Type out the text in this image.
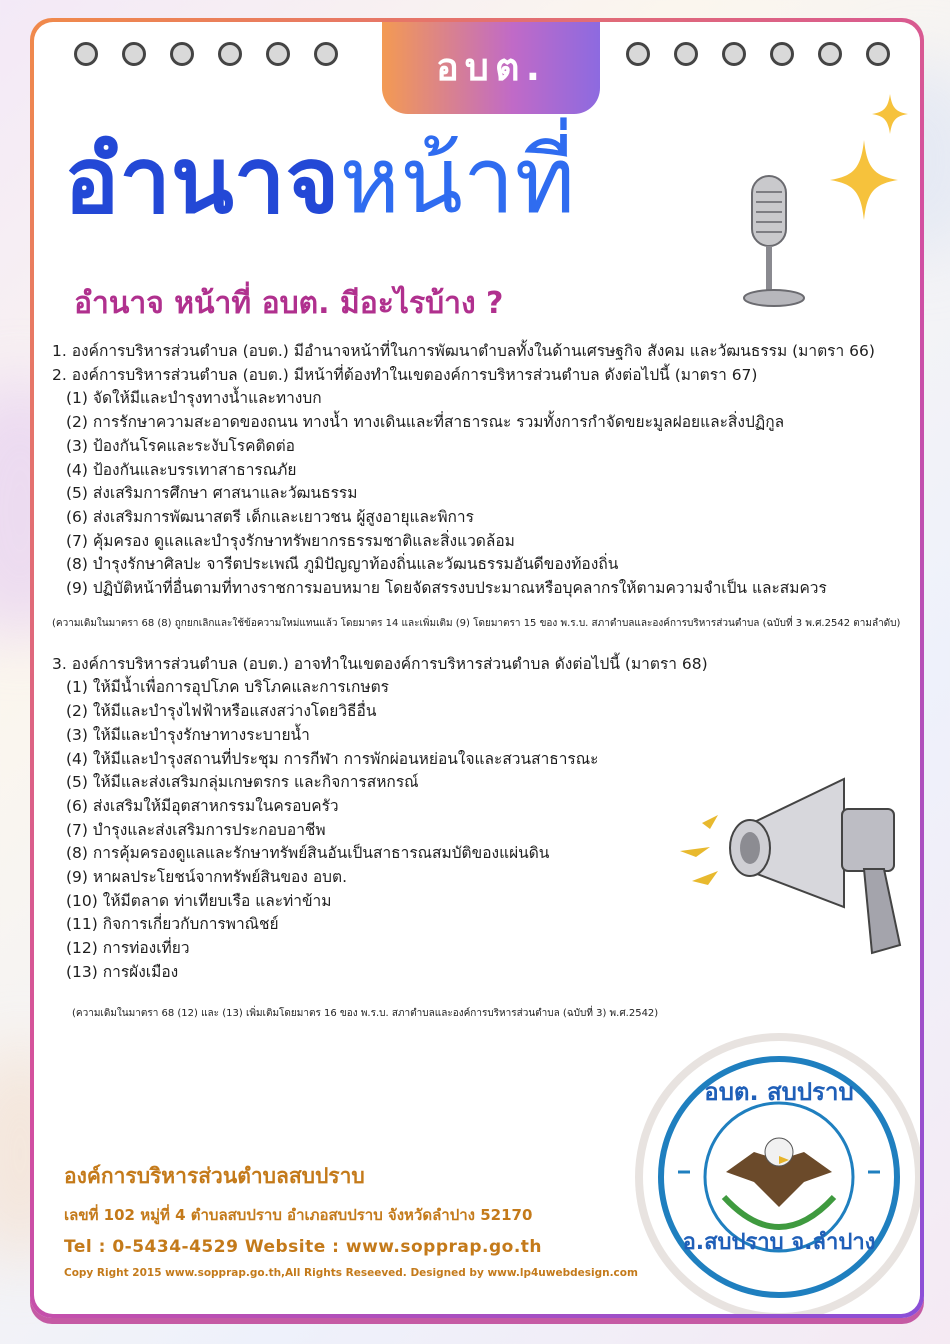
อบต.
อำนาจหน้าที่
อำนาจ หน้าที่ อบต. มีอะไรบ้าง ?
1. องค์การบริหารส่วนตำบล (อบต.) มีอำนาจหน้าที่ในการพัฒนาตำบลทั้งในด้านเศรษฐกิจ สังคม และวัฒนธรรม (มาตรา 66)
2. องค์การบริหารส่วนตำบล (อบต.) มีหน้าที่ต้องทำในเขตองค์การบริหารส่วนตำบล ดังต่อไปนี้ (มาตรา 67)
(1) จัดให้มีและบำรุงทางน้ำและทางบก
(2) การรักษาความสะอาดของถนน ทางน้ำ ทางเดินและที่สาธารณะ รวมทั้งการกำจัดขยะมูลฝอยและสิ่งปฏิกูล
(3) ป้องกันโรคและระงับโรคติดต่อ
(4) ป้องกันและบรรเทาสาธารณภัย
(5) ส่งเสริมการศึกษา ศาสนาและวัฒนธรรม
(6) ส่งเสริมการพัฒนาสตรี เด็กและเยาวชน ผู้สูงอายุและพิการ
(7) คุ้มครอง ดูแลและบำรุงรักษาทรัพยากรธรรมชาติและสิ่งแวดล้อม
(8) บำรุงรักษาศิลปะ จารีตประเพณี ภูมิปัญญาท้องถิ่นและวัฒนธรรมอันดีของท้องถิ่น
(9) ปฏิบัติหน้าที่อื่นตามที่ทางราชการมอบหมาย โดยจัดสรรงบประมาณหรือบุคลากรให้ตามความจำเป็น และสมควร
(ความเดิมในมาตรา 68 (8) ถูกยกเลิกและใช้ข้อความใหม่แทนแล้ว โดยมาตร 14 และเพิ่มเติม (9) โดยมาตรา 15 ของ พ.ร.บ. สภาตำบลและองค์การบริหารส่วนตำบล (ฉบับที่ 3 พ.ศ.2542 ตามลำดับ)
3. องค์การบริหารส่วนตำบล (อบต.) อาจทำในเขตองค์การบริหารส่วนตำบล ดังต่อไปนี้ (มาตรา 68)
(1) ให้มีน้ำเพื่อการอุปโภค บริโภคและการเกษตร
(2) ให้มีและบำรุงไฟฟ้าหรือแสงสว่างโดยวิธีอื่น
(3) ให้มีและบำรุงรักษาทางระบายน้ำ
(4) ให้มีและบำรุงสถานที่ประชุม การกีฬา การพักผ่อนหย่อนใจและสวนสาธารณะ
(5) ให้มีและส่งเสริมกลุ่มเกษตรกร และกิจการสหกรณ์
(6) ส่งเสริมให้มีอุตสาหกรรมในครอบครัว
(7) บำรุงและส่งเสริมการประกอบอาชีพ
(8) การคุ้มครองดูแลและรักษาทรัพย์สินอันเป็นสาธารณสมบัติของแผ่นดิน
(9) หาผลประโยชน์จากทรัพย์สินของ อบต.
(10) ให้มีตลาด ท่าเทียบเรือ และท่าข้าม
(11) กิจการเกี่ยวกับการพาณิชย์
(12) การท่องเที่ยว
(13) การผังเมือง
(ความเดิมในมาตรา 68 (12) และ (13) เพิ่มเติมโดยมาตร 16 ของ พ.ร.บ. สภาตำบลและองค์การบริหารส่วนตำบล (ฉบับที่ 3) พ.ศ.2542)
อบต. สบปราบ
อ.สบปราบ จ.ลำปาง
องค์การบริหารส่วนตำบลสบปราบ
เลขที่ 102 หมู่ที่ 4 ตำบลสบปราบ อำเภอสบปราบ จังหวัดลำปาง 52170
Tel : 0-5434-4529 Website : www.sopprap.go.th
Copy Right 2015 www.sopprap.go.th,All Rights Reseeved. Designed by www.lp4uwebdesign.com
